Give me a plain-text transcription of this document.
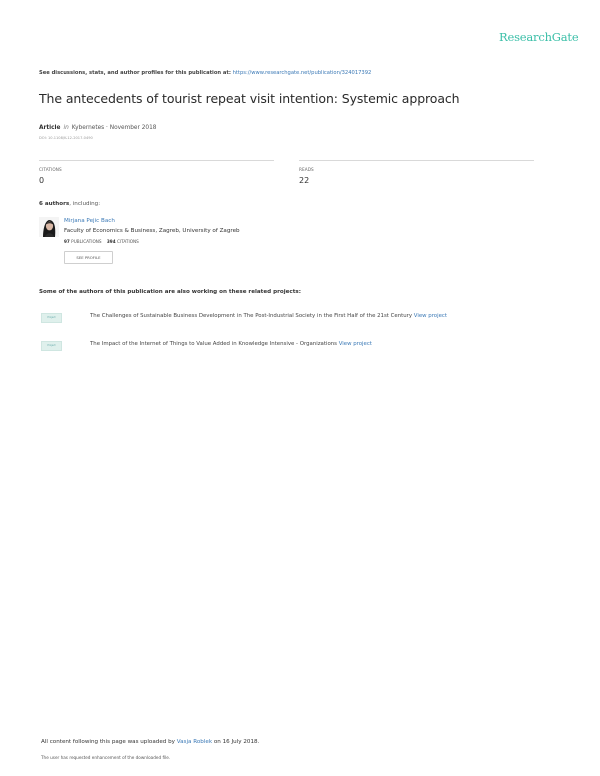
ResearchGate
See discussions, stats, and author profiles for this publication at: https://www.researchgate.net/publication/324017392
The antecedents of tourist repeat visit intention: Systemic approach
Article in Kybernetes · November 2018
DOI: 10.1108/K-12-2017-0490
CITATIONS
0
READS
22
6 authors, including:
Mirjana Pejic Bach
Faculty of Economics & Business, Zagreb, University of Zagreb
97 PUBLICATIONS 394 CITATIONS
SEE PROFILE
Some of the authors of this publication are also working on these related projects:
Project	The Challenges of Sustainable Business Development in The Post-Industrial Society in the First Half of the 21st Century View project
Project	The Impact of the Internet of Things to Value Added in Knowledge Intensive - Organizations View project
All content following this page was uploaded by Vasja Roblek on 16 July 2018.
The user has requested enhancement of the downloaded file.
